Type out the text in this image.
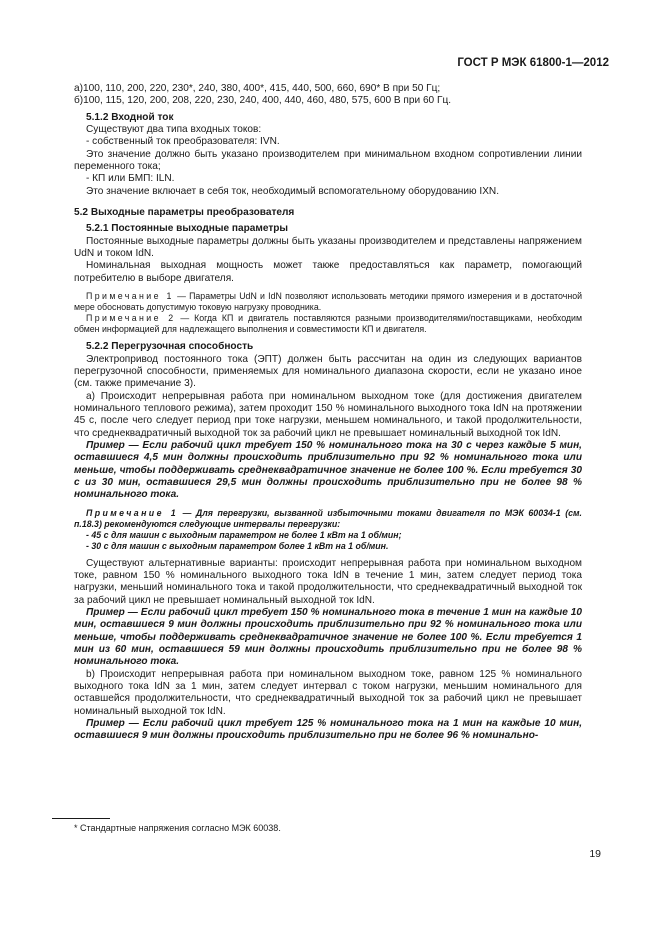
ГОСТ Р МЭК 61800-1—2012

а)100, 110, 200, 220, 230*, 240, 380, 400*, 415, 440, 500, 660, 690* В при 50 Гц;

б)100, 115, 120, 200, 208, 220, 230, 240, 400, 440, 460, 480, 575, 600 В при 60 Гц.

5.1.2 Входной ток

Существуют два типа входных токов:

- собственный ток преобразователя: IVN.

Это значение должно быть указано производителем при минимальном входном сопротивлении линии переменного тока;

- КП или БМП: ILN.

Это значение включает в себя ток, необходимый вспомогательному оборудованию IXN.

5.2 Выходные параметры преобразователя

5.2.1 Постоянные выходные параметры

Постоянные выходные параметры должны быть указаны производителем и представлены напряжением UdN и током IdN.

Номинальная выходная мощность может также предоставляться как параметр, помогающий потребителю в выборе двигателя.

Примечание 1 — Параметры UdN и IdN позволяют использовать методики прямого измерения и в достаточной мере обосновать допустимую токовую нагрузку проводника.

Примечание 2 — Когда КП и двигатель поставляются разными производителями/поставщиками, необходим обмен информацией для надлежащего выполнения и совместимости КП и двигателя.

5.2.2 Перегрузочная способность

Электропривод постоянного тока (ЭПТ) должен быть рассчитан на один из следующих вариантов перегрузочной способности, применяемых для номинального диапазона скорости, если не указано иное (см. также примечание 3).

а) Происходит непрерывная работа при номинальном выходном токе (для достижения двигателем номинального теплового режима), затем проходит 150 % номинального выходного тока IdN на протяжении 45 с, после чего следует период при токе нагрузки, меньшем номинального, и такой продолжительности, что среднеквадратичный выходной ток за рабочий цикл не превышает номинальный выходной ток IdN.

Пример — Если рабочий цикл требует 150 % номинального тока на 30 с через каждые 5 мин, оставшиеся 4,5 мин должны происходить приблизительно при 92 % номинального тока или меньше, чтобы поддерживать среднеквадратичное значение не более 100 %. Если требуется 30 с из 30 мин, оставшиеся 29,5 мин должны происходить приблизительно при не более 98 % номинального тока.

Примечание 1 — Для перегрузки, вызванной избыточными токами двигателя по МЭК 60034-1 (см. п.18.3) рекомендуются следующие интервалы перегрузки:

- 45 с для машин с выходным параметром не более 1 кВт на 1 об/мин;

- 30 с для машин с выходным параметром более 1 кВт на 1 об/мин.

Существуют альтернативные варианты: происходит непрерывная работа при номинальном выходном токе, равном 150 % номинального выходного тока IdN в течение 1 мин, затем следует период тока нагрузки, меньший номинального тока и такой продолжительности, что среднеквадратичный выходной ток за рабочий цикл не превышает номинальный выходной ток IdN.

Пример — Если рабочий цикл требует 150 % номинального тока в течение 1 мин на каждые 10 мин, оставшиеся 9 мин должны происходить приблизительно при 92 % номинального тока или меньше, чтобы поддерживать среднеквадратичное значение не более 100 %. Если требуется 1 мин из 60 мин, оставшиеся 59 мин должны происходить приблизительно при не более 98 % номинального тока.

b) Происходит непрерывная работа при номинальном выходном токе, равном 125 % номинального выходного тока IdN за 1 мин, затем следует интервал с током нагрузки, меньшим номинального для оставшейся продолжительности, что среднеквадратичный выходной ток за рабочий цикл не превышает номинальный выходной ток IdN.

Пример — Если рабочий цикл требует 125 % номинального тока на 1 мин на каждые 10 мин, оставшиеся 9 мин должны происходить приблизительно при не более 96 % номинально-

* Стандартные напряжения согласно МЭК 60038.
19
